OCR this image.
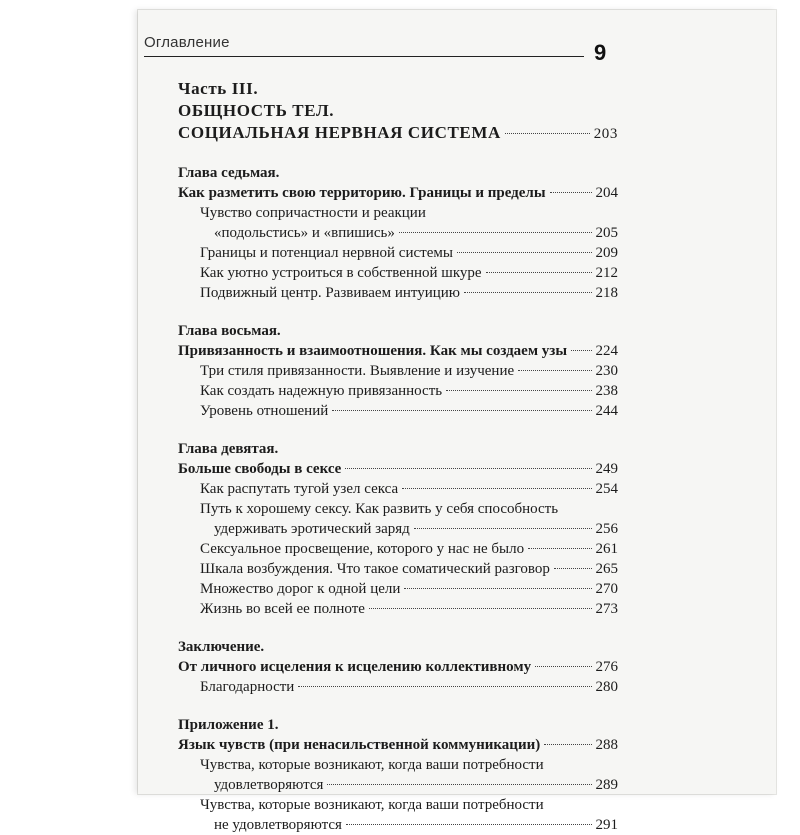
Оглавление	9
Часть III.
ОБЩНОСТЬ ТЕЛ.
СОЦИАЛЬНАЯ НЕРВНАЯ СИСТЕМА	203
Глава седьмая.
Как разметить свою территорию. Границы и пределы	204
Чувство сопричастности и реакции
«подольстись» и «впишись»	205
Границы и потенциал нервной системы	209
Как уютно устроиться в собственной шкуре	212
Подвижный центр. Развиваем интуицию	218
Глава восьмая.
Привязанность и взаимоотношения. Как мы создаем узы 224
Три стиля привязанности. Выявление и изучение	230
Как создать надежную привязанность	238
Уровень отношений	244
Глава девятая.
Больше свободы в сексе	249
Как распутать тугой узел секса	254
Путь к хорошему сексу. Как развить у себя способность
удерживать эротический заряд	256
Сексуальное просвещение, которого у нас не было	261
Шкала возбуждения. Что такое соматический разговор	265
Множество дорог к одной цели	270
Жизнь во всей ее полноте	273
Заключение.
От личного исцеления к исцелению коллективному	276
Благодарности	280
Приложение 1.
Язык чувств (при ненасильственной коммуникации)	288
Чувства, которые возникают, когда ваши потребности
удовлетворяются	289
Чувства, которые возникают, когда ваши потребности
не удовлетворяются	291
